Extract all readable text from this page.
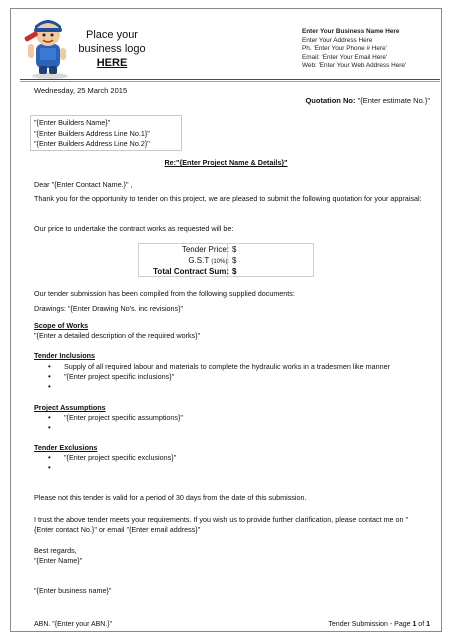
Place your
business logo
HERE
Enter Your Business Name Here
Enter Your Address Here
Ph. 'Enter Your Phone # Here'
Email: 'Enter Your Email Here'
Web: 'Enter Your Web Address Here'
Wednesday, 25 March 2015
Quotation No: "{Enter estimate No.}"
"{Enter Builders Name}"
"{Enter Builders Address Line No.1}"
"{Enter Builders Address Line No.2}"
Re:"{Enter Project Name & Details}"
Dear "{Enter Contact Name.}" ,
Thank you for the opportunity to tender on this project, we are pleased to submit the following quotation for your appraisal:
Our price to undertake the contract works as requested will be:
Tender Price: $
G.S.T (10%): $
Total Contract Sum: $
Our tender submission has been compiled from the following supplied documents:
Drawings: "{Enter Drawing No's. inc revisions}"
Scope of Works
"{Enter a detailed description of the required works}"
Tender Inclusions
• Supply of all required labour and materials to complete the hydraulic works in a tradesmen like manner
• "{Enter project specific inclusions}"
•
Project Assumptions
• "{Enter project specific assumptions}"
•
Tender Exclusions
• "{Enter project specific exclusions}"
•
Please not this tender is valid for a period of 30 days from the date of this submission.
I trust the above tender meets your requirements. If you wish us to provide further clarification, please contact me on "{Enter contact No.}" or email "{Enter email address}"
Best regards,
"{Enter Name}"
"{Enter business name}"
ABN. "{Enter your ABN.}"	Tender Submission - Page 1 of 1
